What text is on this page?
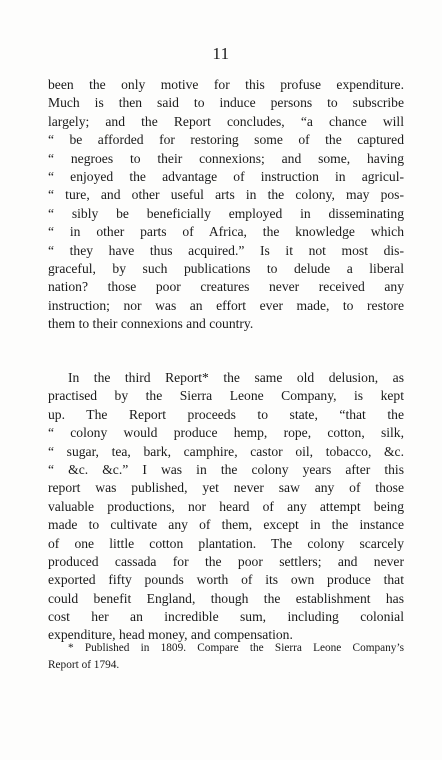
11
been the only motive for this profuse expenditure.
Much is then said to induce persons to subscribe
largely; and the Report concludes, “a chance will
“ be afforded for restoring some of the captured
“ negroes to their connexions; and some, having
“ enjoyed the advantage of instruction in agricul-
“ ture, and other useful arts in the colony, may pos-
“ sibly be beneficially employed in disseminating
“ in other parts of Africa, the knowledge which
“ they have thus acquired.” Is it not most dis-
graceful, by such publications to delude a liberal
nation? those poor creatures never received any
instruction; nor was an effort ever made, to restore
them to their connexions and country.
In the third Report* the same old delusion, as
practised by the Sierra Leone Company, is kept
up. The Report proceeds to state, “that the
“ colony would produce hemp, rope, cotton, silk,
“ sugar, tea, bark, camphire, castor oil, tobacco, &c.
“ &c. &c.” I was in the colony years after this
report was published, yet never saw any of those
valuable productions, nor heard of any attempt being
made to cultivate any of them, except in the instance
of one little cotton plantation. The colony scarcely
produced cassada for the poor settlers; and never
exported fifty pounds worth of its own produce that
could benefit England, though the establishment has
cost her an incredible sum, including colonial
expenditure, head money, and compensation.
* Published in 1809. Compare the Sierra Leone Company’s
Report of 1794.
